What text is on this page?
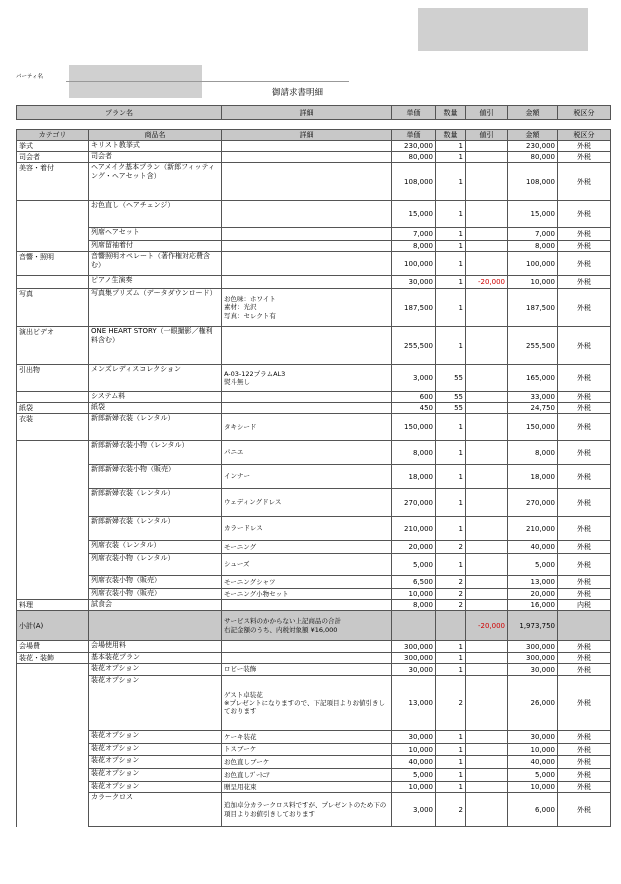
パーティ名
御請求書明細
プラン名	詳細	単価	数量	値引	金額	税区分
カテゴリ	商品名	詳細	単価	数量	値引	金額	税区分
挙式	キリスト教挙式		230,000	1		230,000	外税
司会者	司会者		80,000	1		80,000	外税
美容・着付	ヘアメイク基本プラン（新郎フィッティング・ヘアセット含）		108,000	1		108,000	外税
	お色直し（ヘアチェンジ）		15,000	1		15,000	外税
	列席ヘアセット		7,000	1		7,000	外税
	列席留袖着付		8,000	1		8,000	外税
音響・照明	音響照明オペレート（著作権対応費含む）		100,000	1		100,000	外税
	ピアノ生演奏		30,000	1	-20,000	10,000	外税
写真	写真集プリズム（データダウンロード）	お色味：ホワイト
素材：光沢
写真：セレクト有	187,500	1		187,500	外税
演出ビデオ	ONE HEART STORY（一眼撮影／権利料含む）		255,500	1		255,500	外税
引出物	メンズレディスコレクション	A-03-122プラムAL3
熨斗無し	3,000	55		165,000	外税
	システム料		600	55		33,000	外税
紙袋	紙袋		450	55		24,750	外税
衣装	新郎新婦衣装（レンタル）	タキシード	150,000	1		150,000	外税
	新郎新婦衣装小物（レンタル）	パニエ	8,000	1		8,000	外税
	新郎新婦衣装小物（販売）	インナー	18,000	1		18,000	外税
	新郎新婦衣装（レンタル）	ウェディングドレス	270,000	1		270,000	外税
	新郎新婦衣装（レンタル）	カラードレス	210,000	1		210,000	外税
	列席衣装（レンタル）	モーニング	20,000	2		40,000	外税
	列席衣装小物（レンタル）	シューズ	5,000	1		5,000	外税
	列席衣装小物（販売）	モーニングシャツ	6,500	2		13,000	外税
	列席衣装小物（販売）	モーニング小物セット	10,000	2		20,000	外税
料理	試食会		8,000	2		16,000	内税
小計(A)		サービス料のかからない上記商品の合計
右記金額のうち、内税対象額 ¥16,000			-20,000	1,973,750	
会場費	会場使用料		300,000	1		300,000	外税
装花・装飾	基本装花プラン		300,000	1		300,000	外税
	装花オプション	ロビー装飾	30,000	1		30,000	外税
	装花オプション	ゲスト卓装花
※プレゼントになりますので、下記項目よりお値引きしております	13,000	2		26,000	外税
	装花オプション	ケーキ装花	30,000	1		30,000	外税
	装花オプション	トスブーケ	10,000	1		10,000	外税
	装花オプション	お色直しブーケ	40,000	1		40,000	外税
	装花オプション	お色直しﾌﾞｰﾄﾆｱ	5,000	1		5,000	外税
	装花オプション	贈呈用花束	10,000	1		10,000	外税
	カラークロス	追加卓分カラークロス料ですが、プレゼントのため下の項目よりお値引きしております	3,000	2		6,000	外税
